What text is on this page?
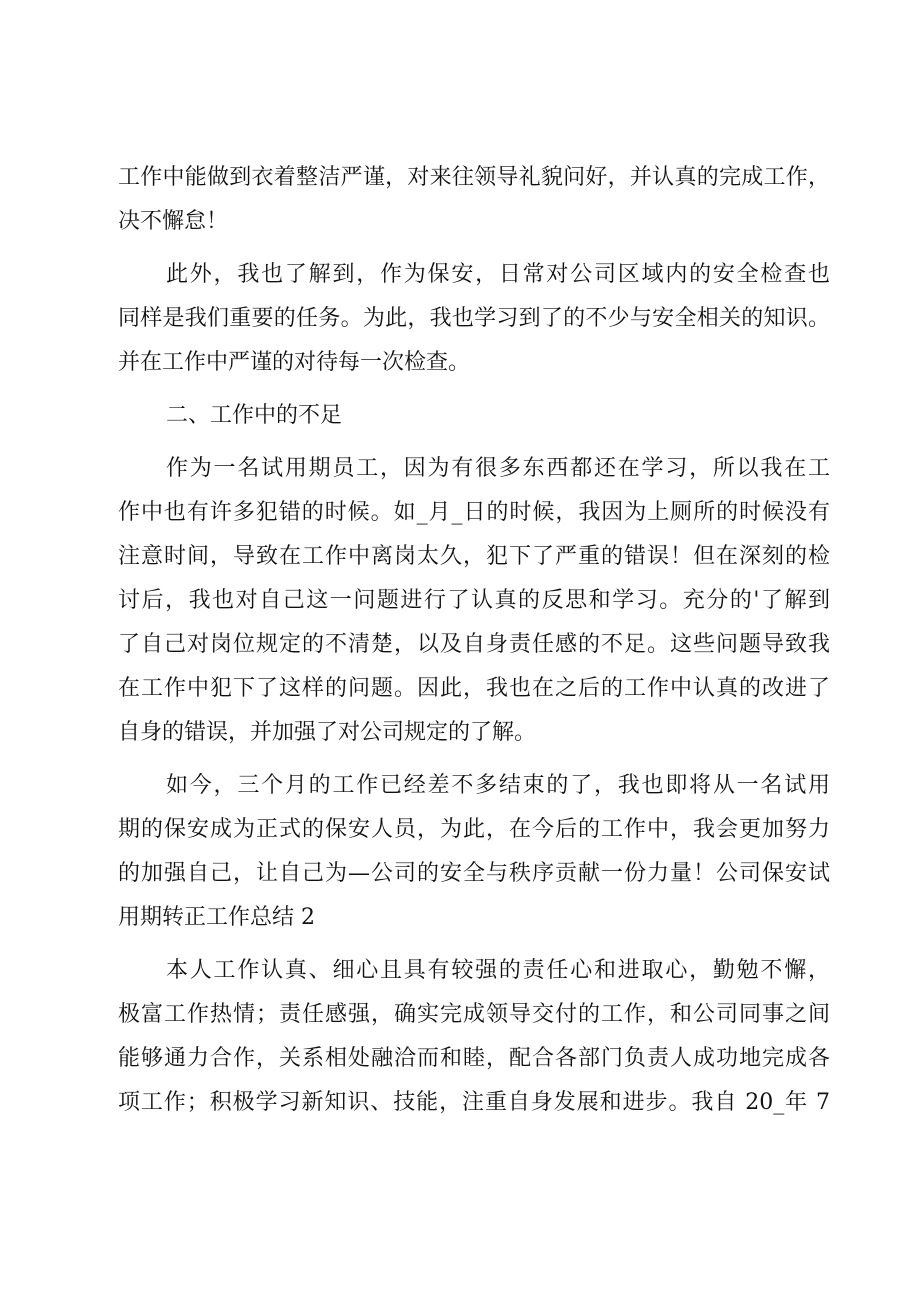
工作中能做到衣着整洁严谨，对来往领导礼貌问好，并认真的完成工作，
决不懈怠！
此外，我也了解到，作为保安，日常对公司区域内的安全检查也
同样是我们重要的任务。为此，我也学习到了的不少与安全相关的知识。
并在工作中严谨的对待每一次检查。
二、工作中的不足
作为一名试用期员工，因为有很多东西都还在学习，所以我在工
作中也有许多犯错的时候。如_月_日的时候，我因为上厕所的时候没有
注意时间，导致在工作中离岗太久，犯下了严重的错误！但在深刻的检
讨后，我也对自己这一问题进行了认真的反思和学习。充分的'了解到
了自己对岗位规定的不清楚，以及自身责任感的不足。这些问题导致我
在工作中犯下了这样的问题。因此，我也在之后的工作中认真的改进了
自身的错误，并加强了对公司规定的了解。
如今，三个月的工作已经差不多结束的了，我也即将从一名试用
期的保安成为正式的保安人员，为此，在今后的工作中，我会更加努力
的加强自己，让自己为—公司的安全与秩序贡献一份力量！公司保安试
用期转正工作总结 2
本人工作认真、细心且具有较强的责任心和进取心，勤勉不懈，
极富工作热情；责任感强，确实完成领导交付的工作，和公司同事之间
能够通力合作，关系相处融洽而和睦，配合各部门负责人成功地完成各
项工作；积极学习新知识、技能，注重自身发展和进步。我自 20_年 7
